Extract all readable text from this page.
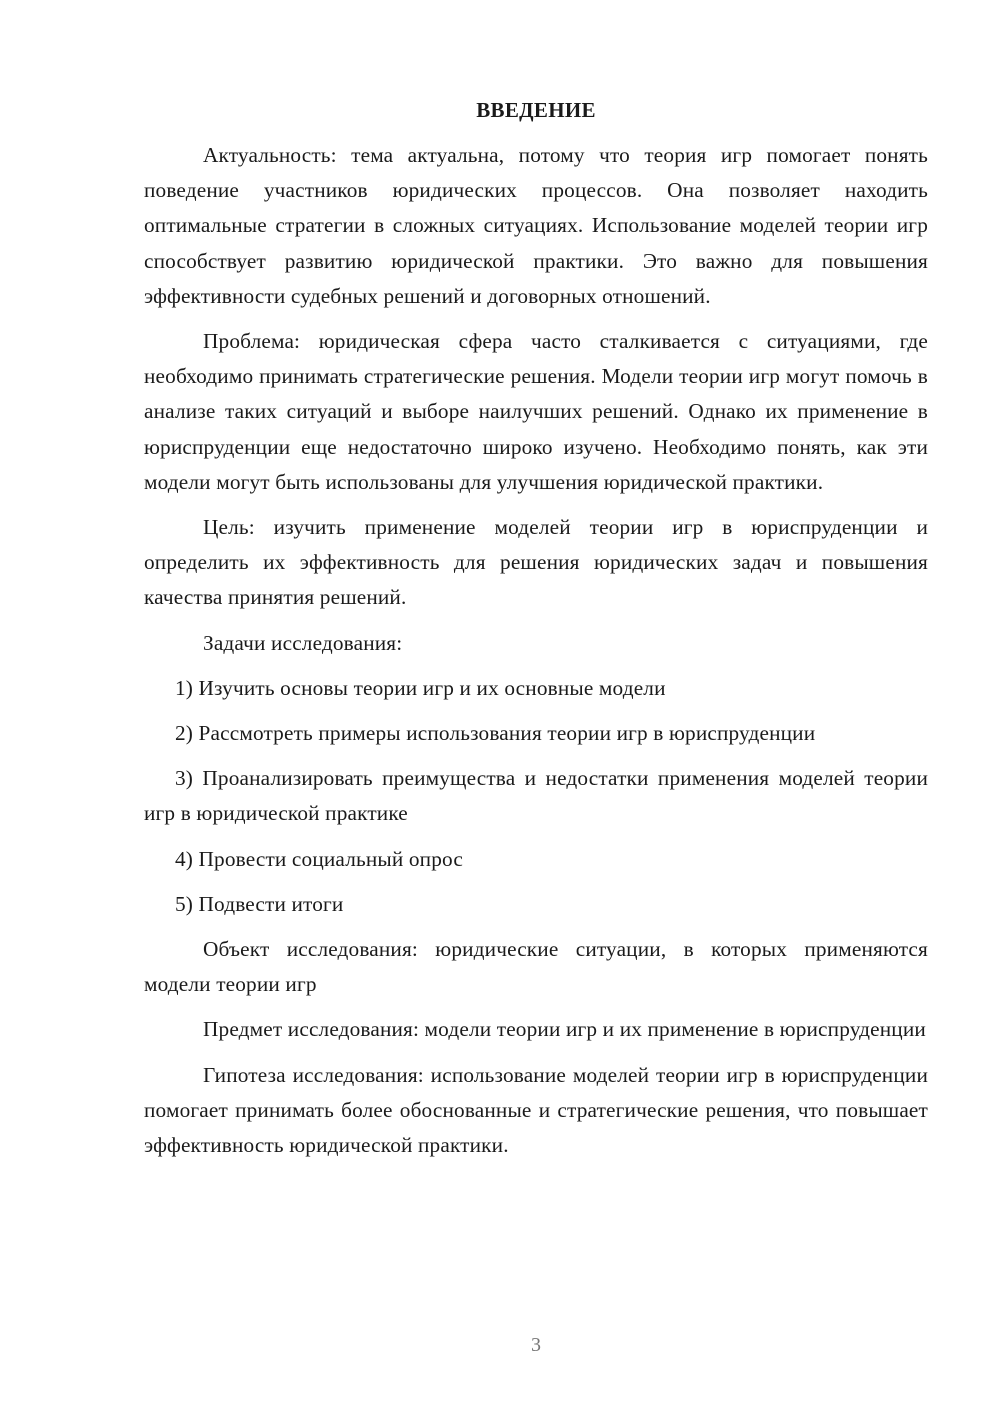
ВВЕДЕНИЕ

Актуальность: тема актуальна, потому что теория игр помогает понять поведение участников юридических процессов. Она позволяет находить оптимальные стратегии в сложных ситуациях. Использование моделей теории игр способствует развитию юридической практики. Это важно для повышения эффективности судебных решений и договорных отношений.

Проблема: юридическая сфера часто сталкивается с ситуациями, где необходимо принимать стратегические решения. Модели теории игр могут помочь в анализе таких ситуаций и выборе наилучших решений. Однако их применение в юриспруденции еще недостаточно широко изучено. Необходимо понять, как эти модели могут быть использованы для улучшения юридической практики.

Цель: изучить применение моделей теории игр в юриспруденции и определить их эффективность для решения юридических задач и повышения качества принятия решений.

Задачи исследования:

1) Изучить основы теории игр и их основные модели

2) Рассмотреть примеры использования теории игр в юриспруденции

3) Проанализировать преимущества и недостатки применения моделей теории игр в юридической практике

4) Провести социальный опрос

5) Подвести итоги

Объект исследования: юридические ситуации, в которых применяются модели теории игр

Предмет исследования: модели теории игр и их применение в юриспруденции

Гипотеза исследования: использование моделей теории игр в юриспруденции помогает принимать более обоснованные и стратегические решения, что повышает эффективность юридической практики.

3
